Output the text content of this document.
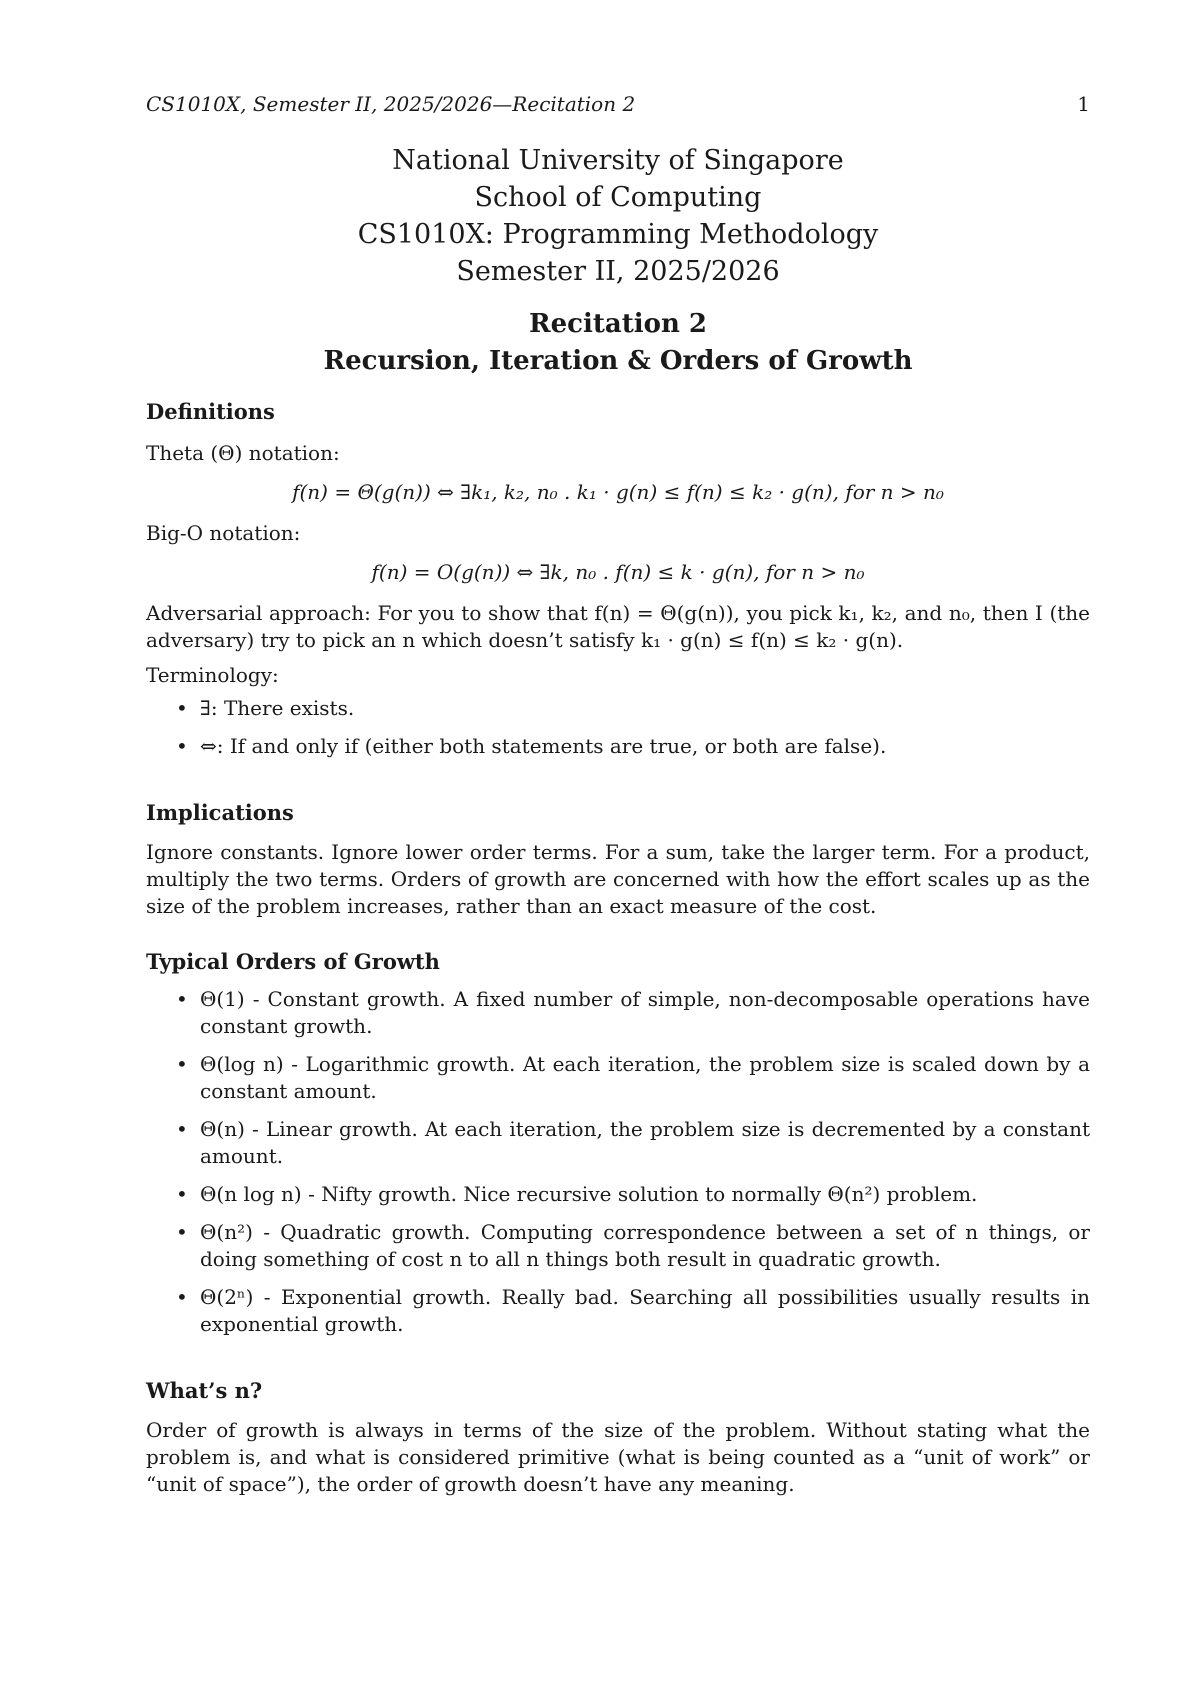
CS1010X, Semester II, 2025/2026—Recitation 2	1
National University of Singapore
School of Computing
CS1010X: Programming Methodology
Semester II, 2025/2026
Recitation 2
Recursion, Iteration & Orders of Growth
Definitions

Theta (Θ) notation:

f(n) = Θ(g(n)) ⇔ ∃k₁, k₂, n₀ . k₁ · g(n) ≤ f(n) ≤ k₂ · g(n), for n > n₀

Big-O notation:

f(n) = O(g(n)) ⇔ ∃k, n₀ . f(n) ≤ k · g(n), for n > n₀

Adversarial approach: For you to show that f(n) = Θ(g(n)), you pick k₁, k₂, and n₀, then I (the adversary) try to pick an n which doesn’t satisfy k₁ · g(n) ≤ f(n) ≤ k₂ · g(n).

Terminology:

• ∃: There exists.
• ⇔: If and only if (either both statements are true, or both are false).
Implications

Ignore constants. Ignore lower order terms. For a sum, take the larger term. For a product, multiply the two terms. Orders of growth are concerned with how the effort scales up as the size of the problem increases, rather than an exact measure of the cost.

Typical Orders of Growth
• Θ(1) - Constant growth. A fixed number of simple, non-decomposable operations have constant growth.
• Θ(log n) - Logarithmic growth. At each iteration, the problem size is scaled down by a constant amount.
• Θ(n) - Linear growth. At each iteration, the problem size is decremented by a constant amount.
• Θ(n log n) - Nifty growth. Nice recursive solution to normally Θ(n²) problem.
• Θ(n²) - Quadratic growth. Computing correspondence between a set of n things, or doing something of cost n to all n things both result in quadratic growth.
• Θ(2ⁿ) - Exponential growth. Really bad. Searching all possibilities usually results in exponential growth.
What’s n?

Order of growth is always in terms of the size of the problem. Without stating what the problem is, and what is considered primitive (what is being counted as a “unit of work” or “unit of space”), the order of growth doesn’t have any meaning.
